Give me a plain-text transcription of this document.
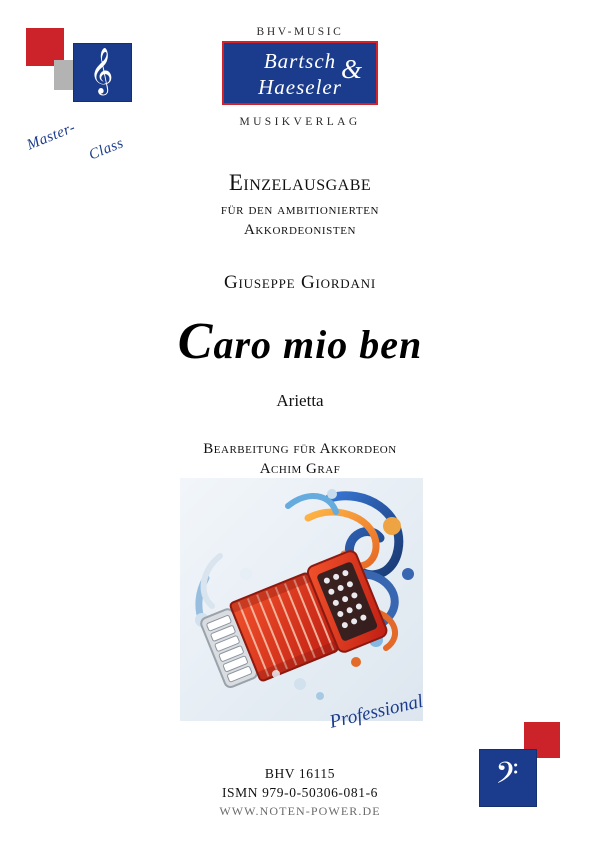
𝄞
Master- Class
BHV-MUSIC
Bartsch
Haeseler
&
MUSIKVERLAG
Einzelausgabe
für den ambitionierten
Akkordeonisten
Giuseppe Giordani
Caro mio ben
Arietta
Bearbeitung für Akkordeon
Achim Graf
Professional
𝄢
BHV 16115
ISMN 979-0-50306-081-6
WWW.NOTEN-POWER.DE
